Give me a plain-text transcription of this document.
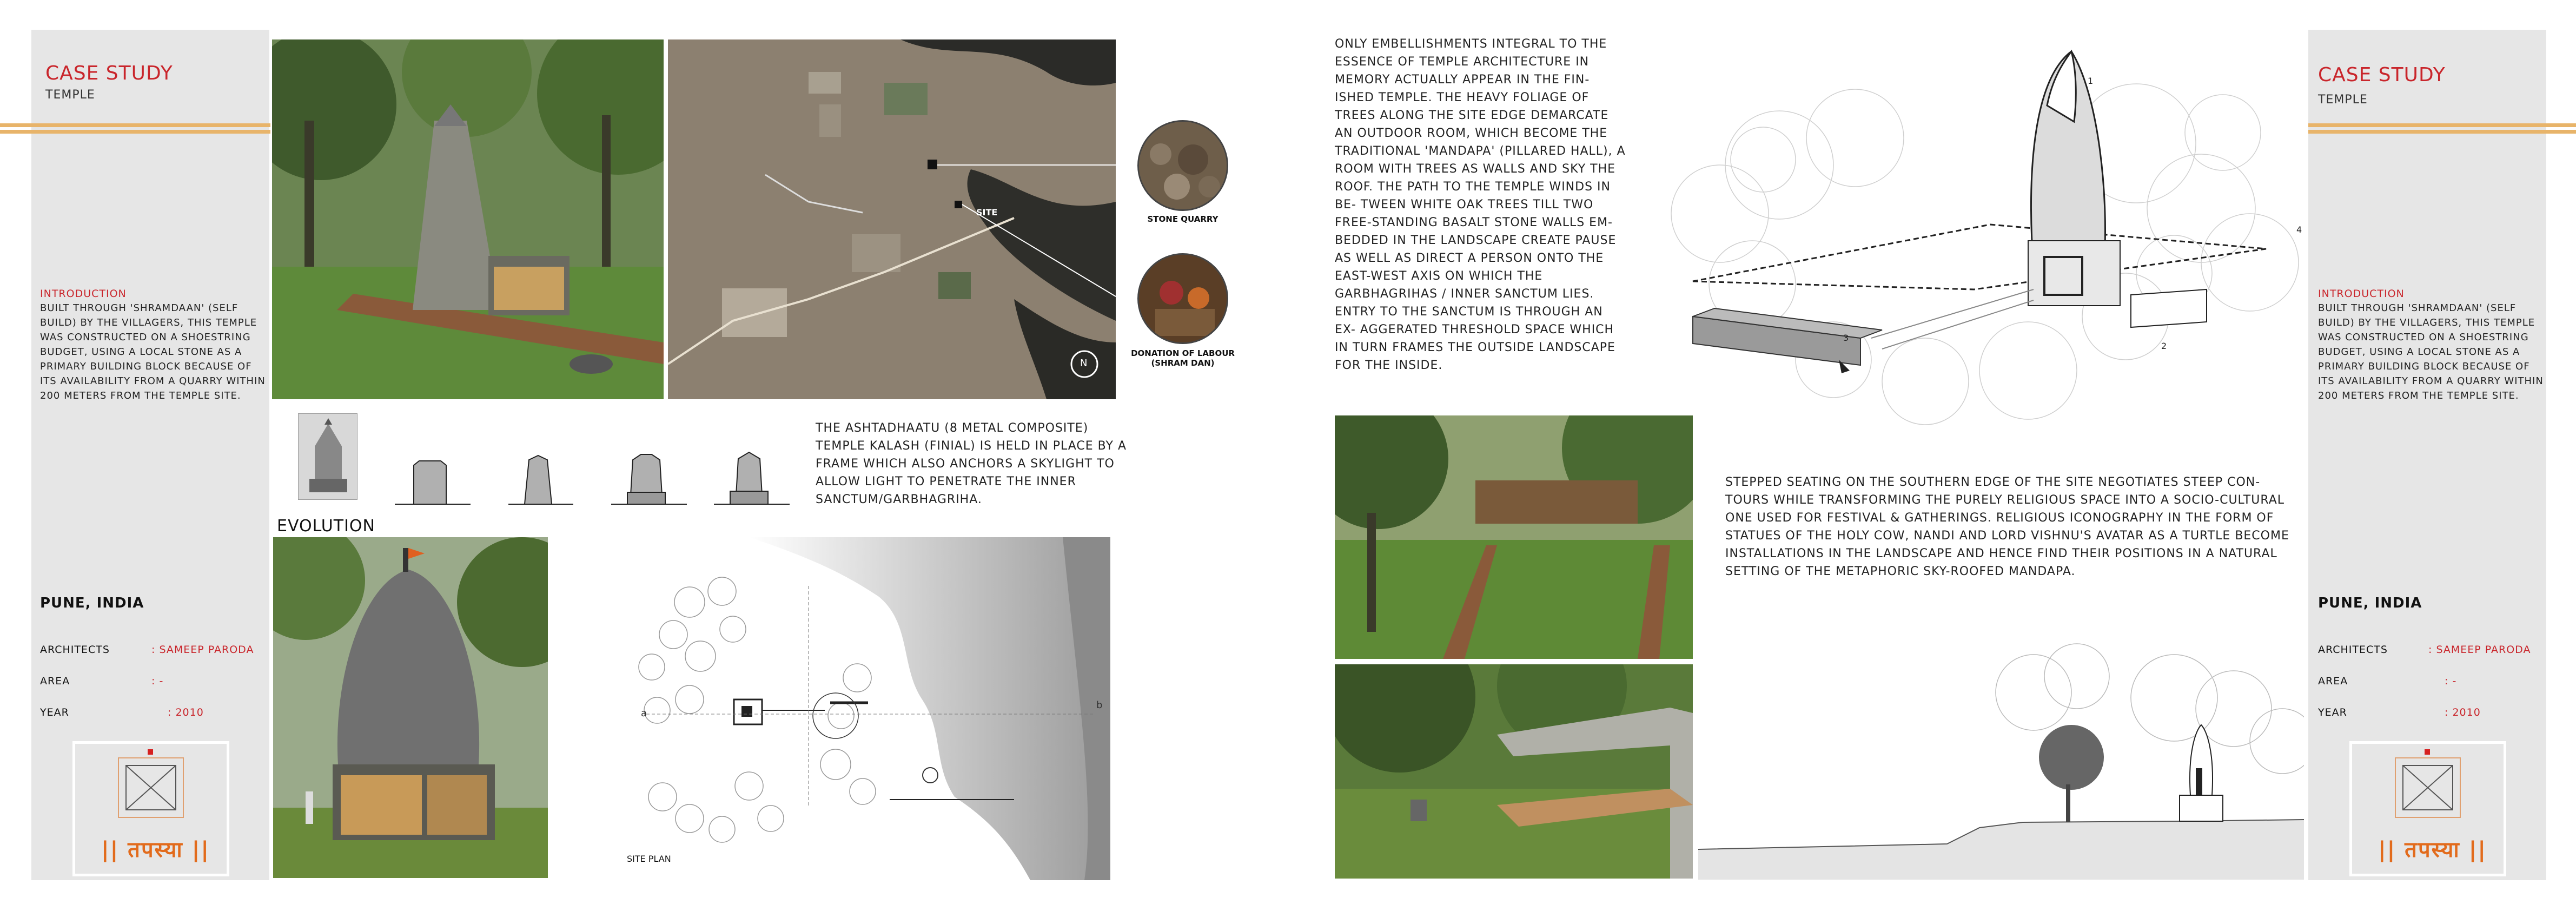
CASE STUDY
TEMPLE
INTRODUCTION
BUILT THROUGH 'SHRAMDAAN' (SELF BUILD) BY THE VILLAGERS, THIS TEMPLE WAS CONSTRUCTED ON A SHOESTRING BUDGET, USING A LOCAL STONE AS A PRIMARY BUILDING BLOCK BECAUSE OF ITS AVAILABILITY FROM A QUARRY WITHIN 200 METERS FROM THE TEMPLE SITE.
PUNE, INDIA
ARCHITECTS	: SAMEEP PARODA
AREA	: -
YEAR	: 2010
|| तपस्या ||
SITE
N
STONE QUARRY
DONATION OF LABOUR
(SHRAM DAN)
EVOLUTION
THE ASHTADHAATU (8 METAL COMPOSITE) TEMPLE KALASH (FINIAL) IS HELD IN PLACE BY A FRAME WHICH ALSO ANCHORS A SKYLIGHT TO ALLOW LIGHT TO PENETRATE THE INNER SANCTUM/GARBHAGRIHA.
a
b
SITE PLAN
ONLY EMBELLISHMENTS INTEGRAL TO THE ESSENCE OF TEMPLE ARCHITECTURE IN MEMORY ACTUALLY APPEAR IN THE FIN- ISHED TEMPLE. THE HEAVY FOLIAGE OF TREES ALONG THE SITE EDGE DEMARCATE AN OUTDOOR ROOM, WHICH BECOME THE TRADITIONAL 'MANDAPA' (PILLARED HALL), A ROOM WITH TREES AS WALLS AND SKY THE ROOF. THE PATH TO THE TEMPLE WINDS IN BE- TWEEN WHITE OAK TREES TILL TWO FREE-STANDING BASALT STONE WALLS EM- BEDDED IN THE LANDSCAPE CREATE PAUSE AS WELL AS DIRECT A PERSON ONTO THE EAST-WEST AXIS ON WHICH THE GARBHAGRIHAS / INNER SANCTUM LIES. ENTRY TO THE SANCTUM IS THROUGH AN EX- AGGERATED THRESHOLD SPACE WHICH IN TURN FRAMES THE OUTSIDE LANDSCAPE FOR THE INSIDE.
1
2
3
4
STEPPED SEATING ON THE SOUTHERN EDGE OF THE SITE NEGOTIATES STEEP CON- TOURS WHILE TRANSFORMING THE PURELY RELIGIOUS SPACE INTO A SOCIO-CULTURAL ONE USED FOR FESTIVAL & GATHERINGS. RELIGIOUS ICONOGRAPHY IN THE FORM OF STATUES OF THE HOLY COW, NANDI AND LORD VISHNU'S AVATAR AS A TURTLE BECOME INSTALLATIONS IN THE LANDSCAPE AND HENCE FIND THEIR POSITIONS IN A NATURAL SETTING OF THE METAPHORIC SKY-ROOFED MANDAPA.
CASE STUDY
TEMPLE
INTRODUCTION
BUILT THROUGH 'SHRAMDAAN' (SELF BUILD) BY THE VILLAGERS, THIS TEMPLE WAS CONSTRUCTED ON A SHOESTRING BUDGET, USING A LOCAL STONE AS A PRIMARY BUILDING BLOCK BECAUSE OF ITS AVAILABILITY FROM A QUARRY WITHIN 200 METERS FROM THE TEMPLE SITE.
PUNE, INDIA
ARCHITECTS	: SAMEEP PARODA
AREA	: -
YEAR	: 2010
|| तपस्या ||
